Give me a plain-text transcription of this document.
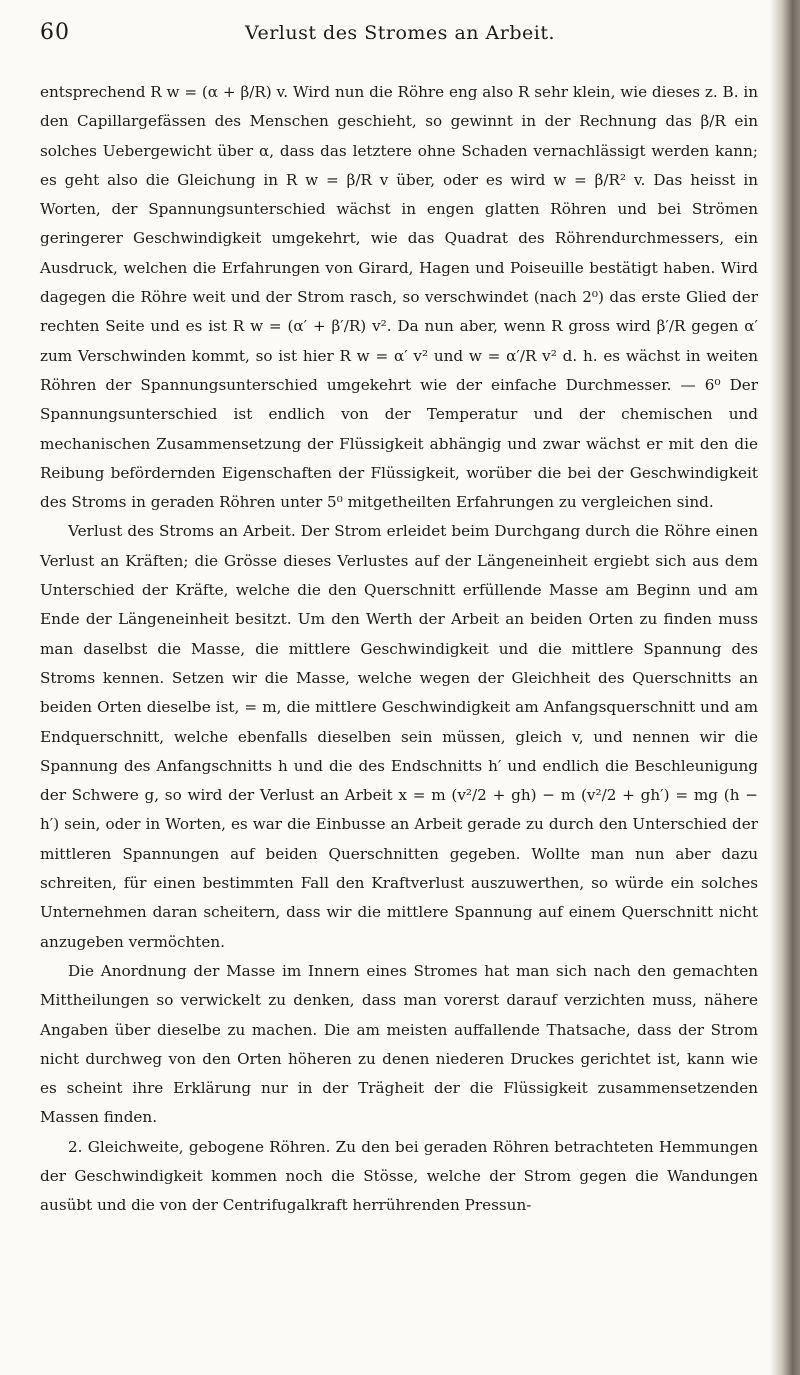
60	Verlust des Stromes an Arbeit.

entsprechend R w = (α + β/R) v. Wird nun die Röhre eng also R sehr klein, wie dieses z. B. in den Capillargefässen des Menschen geschieht, so gewinnt in der Rechnung das β/R ein solches Uebergewicht über α, dass das letztere ohne Schaden vernachlässigt werden kann; es geht also die Gleichung in R w = β/R v über, oder es wird w = β/R² v. Das heisst in Worten, der Spannungsunterschied wächst in engen glatten Röhren und bei Strömen geringerer Geschwindigkeit umgekehrt, wie das Quadrat des Röhrendurchmessers, ein Ausdruck, welchen die Erfahrungen von Girard, Hagen und Poiseuille bestätigt haben. Wird dagegen die Röhre weit und der Strom rasch, so verschwindet (nach 2⁰) das erste Glied der rechten Seite und es ist R w = (α′ + β′/R) v². Da nun aber, wenn R gross wird β′/R gegen α′ zum Verschwinden kommt, so ist hier R w = α′ v² und w = α′/R v² d. h. es wächst in weiten Röhren der Spannungsunterschied umgekehrt wie der einfache Durchmesser. — 6⁰ Der Spannungsunterschied ist endlich von der Temperatur und der chemischen und mechanischen Zusammensetzung der Flüssigkeit abhängig und zwar wächst er mit den die Reibung befördernden Eigenschaften der Flüssigkeit, worüber die bei der Geschwindigkeit des Stroms in geraden Röhren unter 5⁰ mitgetheilten Erfahrungen zu vergleichen sind.

Verlust des Stroms an Arbeit. Der Strom erleidet beim Durchgang durch die Röhre einen Verlust an Kräften; die Grösse dieses Verlustes auf der Längeneinheit ergiebt sich aus dem Unterschied der Kräfte, welche die den Querschnitt erfüllende Masse am Beginn und am Ende der Längeneinheit besitzt. Um den Werth der Arbeit an beiden Orten zu finden muss man daselbst die Masse, die mittlere Geschwindigkeit und die mittlere Spannung des Stroms kennen. Setzen wir die Masse, welche wegen der Gleichheit des Querschnitts an beiden Orten dieselbe ist, = m, die mittlere Geschwindigkeit am Anfangsquerschnitt und am Endquerschnitt, welche ebenfalls dieselben sein müssen, gleich v, und nennen wir die Spannung des Anfangschnitts h und die des Endschnitts h′ und endlich die Beschleunigung der Schwere g, so wird der Verlust an Arbeit x = m (v²/2 + gh) − m (v²/2 + gh′) = mg (h − h′) sein, oder in Worten, es war die Einbusse an Arbeit gerade zu durch den Unterschied der mittleren Spannungen auf beiden Querschnitten gegeben. Wollte man nun aber dazu schreiten, für einen bestimmten Fall den Kraftverlust auszuwerthen, so würde ein solches Unternehmen daran scheitern, dass wir die mittlere Spannung auf einem Querschnitt nicht anzugeben vermöchten.

Die Anordnung der Masse im Innern eines Stromes hat man sich nach den gemachten Mittheilungen so verwickelt zu denken, dass man vorerst darauf verzichten muss, nähere Angaben über dieselbe zu machen. Die am meisten auffallende Thatsache, dass der Strom nicht durchweg von den Orten höheren zu denen niederen Druckes gerichtet ist, kann wie es scheint ihre Erklärung nur in der Trägheit der die Flüssigkeit zusammensetzenden Massen finden.

2. Gleichweite, gebogene Röhren. Zu den bei geraden Röhren betrachteten Hemmungen der Geschwindigkeit kommen noch die Stösse, welche der Strom gegen die Wandungen ausübt und die von der Centrifugalkraft herrührenden Pressun-
